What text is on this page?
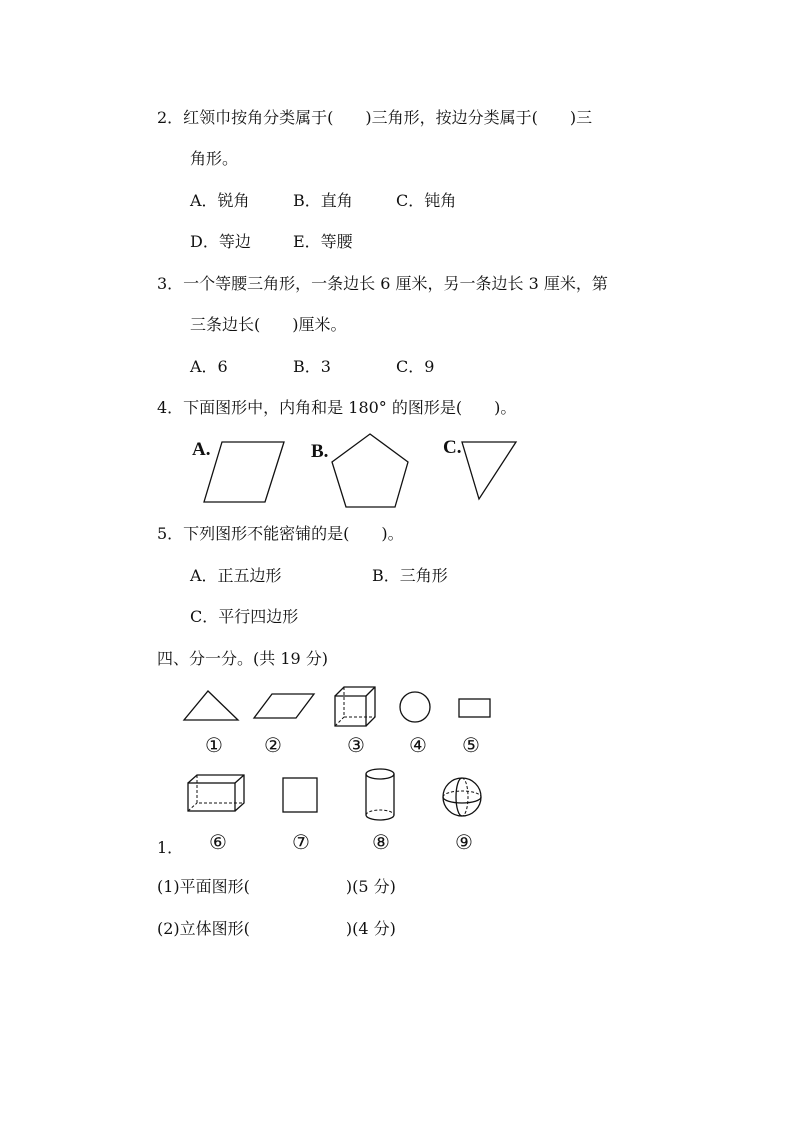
2．红领巾按角分类属于(　　)三角形，按边分类属于(　　)三
角形。
A．锐角	B．直角	C．钝角
D．等边	E．等腰
3．一个等腰三角形，一条边长 6 厘米，另一条边长 3 厘米，第
三条边长(　　)厘米。
A．6	B．3	C．9
4．下面图形中，内角和是 180° 的图形是(　　)。
A.	B.	C.
5．下列图形不能密铺的是(　　)。
A．正五边形	B．三角形
C．平行四边形
四、分一分。(共 19 分)
① ②	③ ④ ⑤
1． ⑥	⑦	⑧	⑨
(1)平面图形(　　　　　　)(5 分)
(2)立体图形(　　　　　　)(4 分)
